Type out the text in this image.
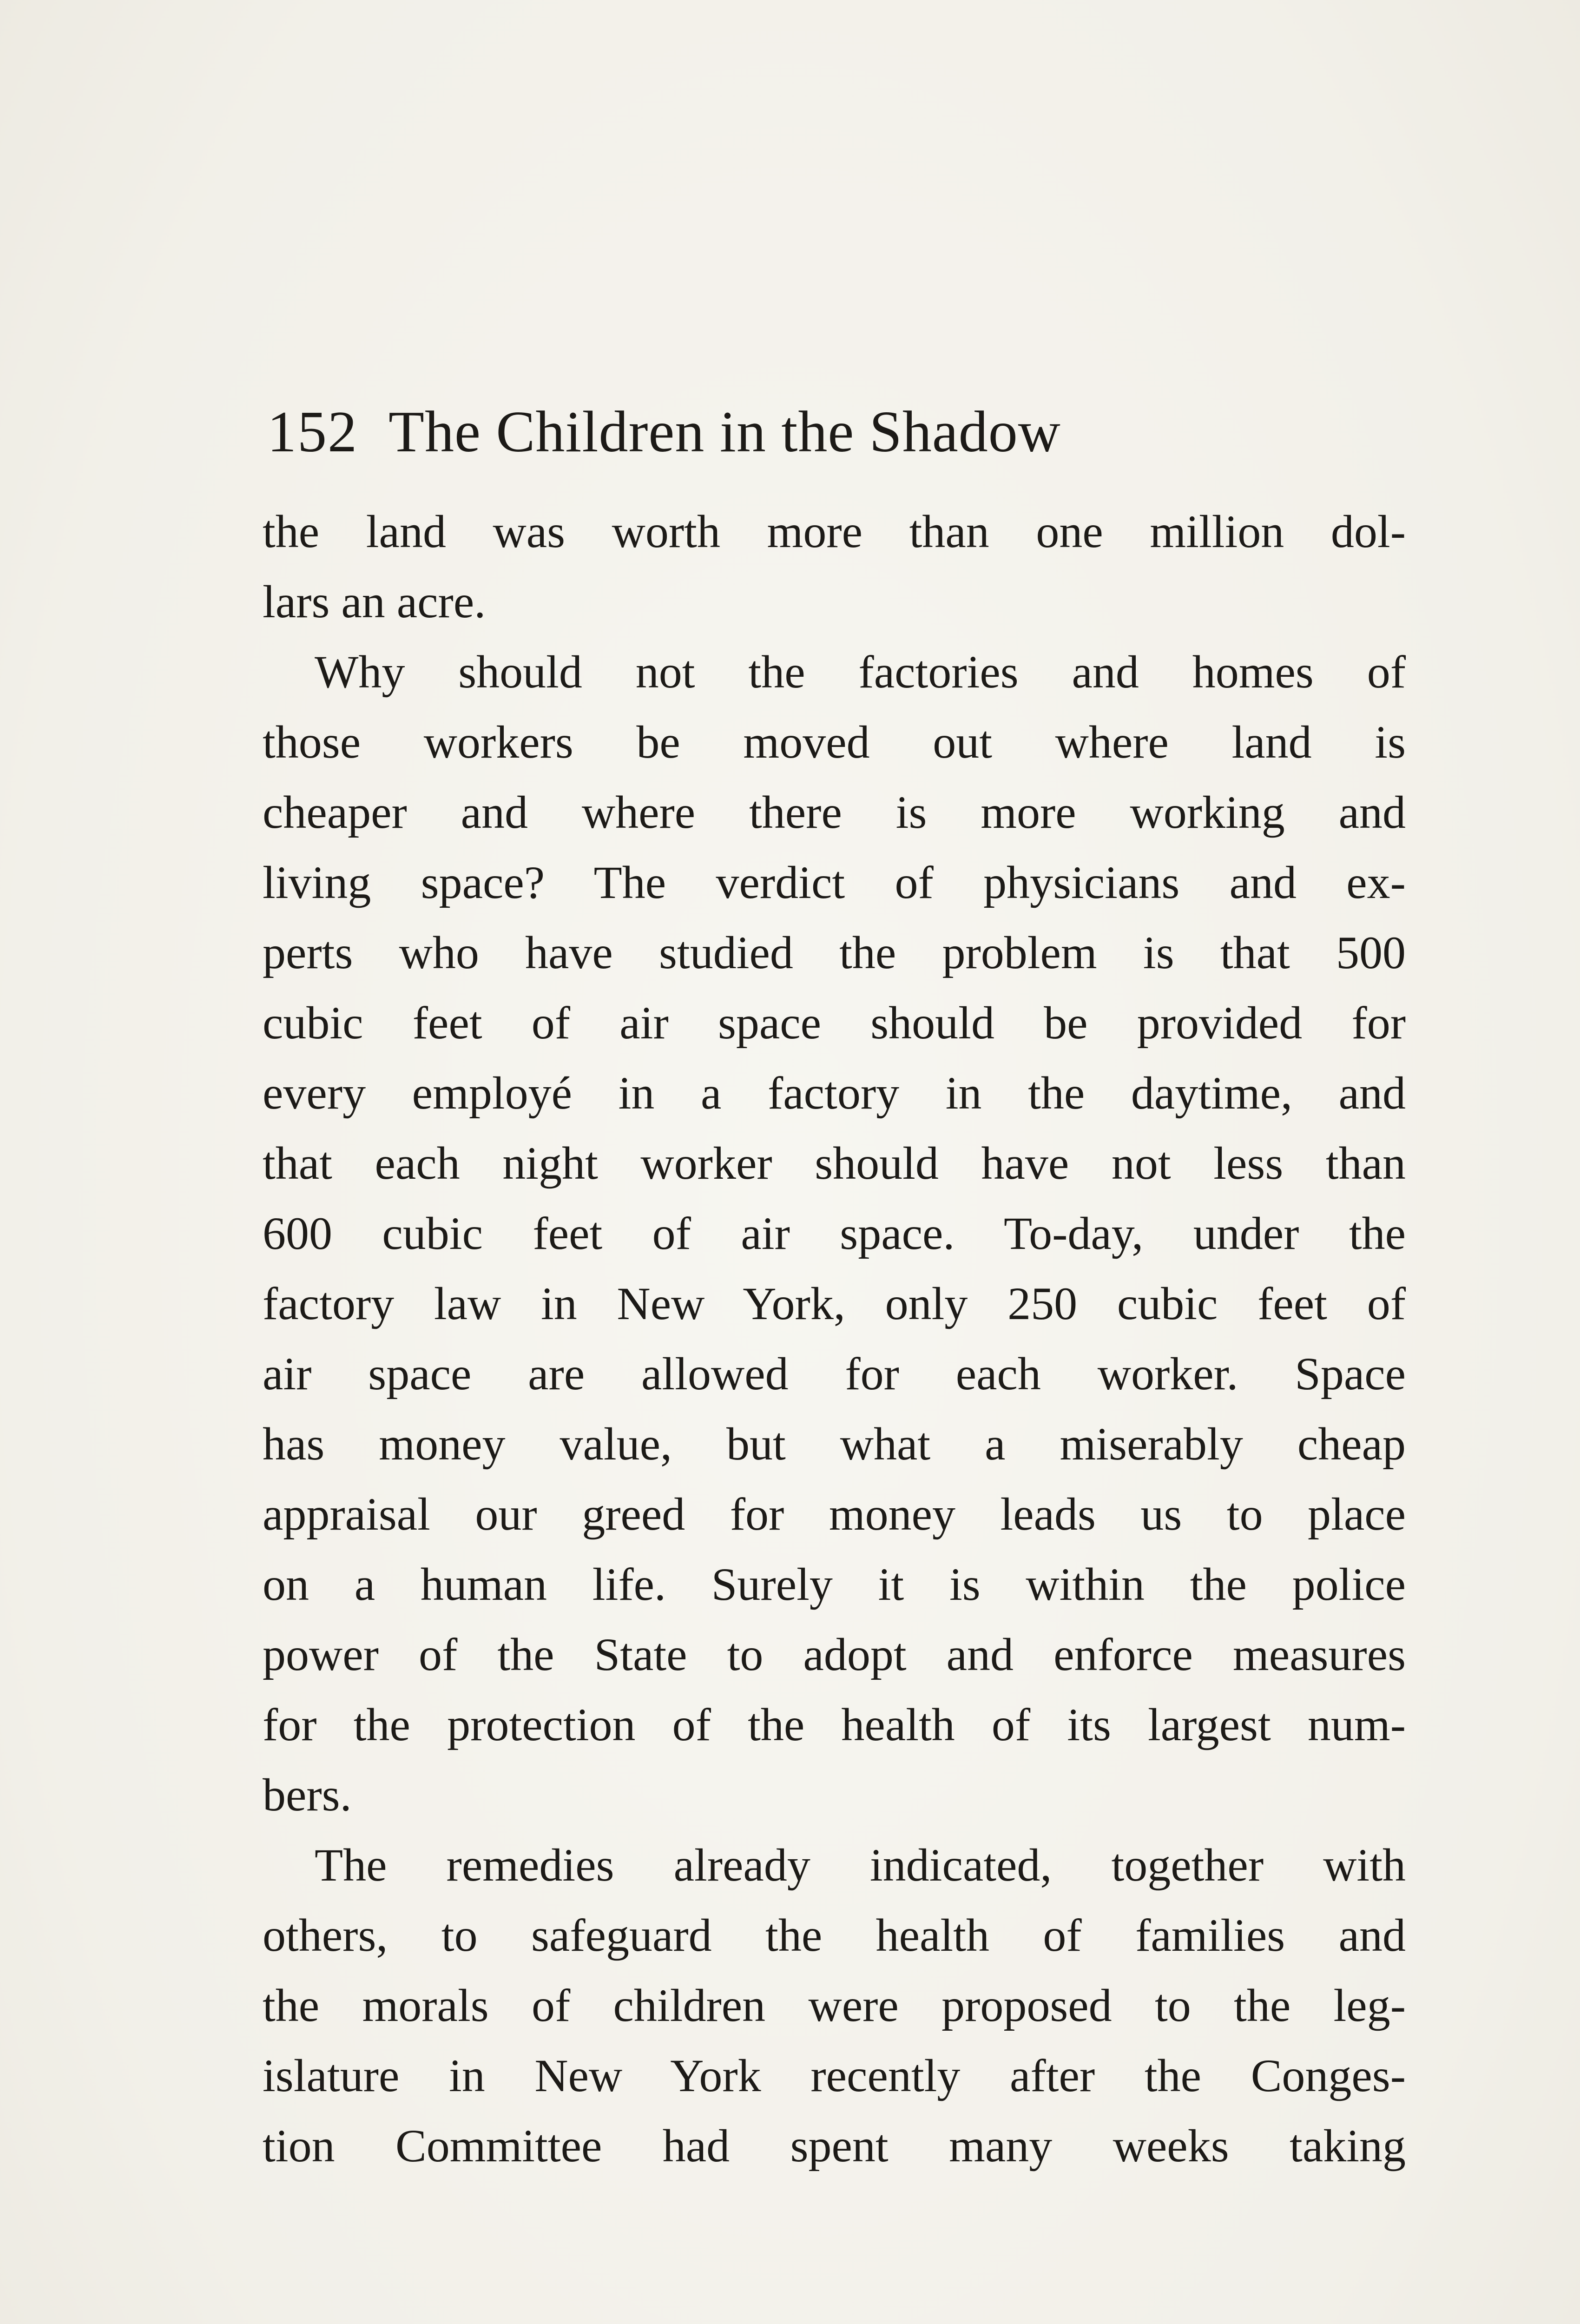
152 The Children in the Shadow
the land was worth more than one million dol-
lars an acre.
Why should not the factories and homes of
those workers be moved out where land is
cheaper and where there is more working and
living space? The verdict of physicians and ex-
perts who have studied the problem is that 500
cubic feet of air space should be provided for
every employé in a factory in the daytime, and
that each night worker should have not less than
600 cubic feet of air space. To-day, under the
factory law in New York, only 250 cubic feet of
air space are allowed for each worker. Space
has money value, but what a miserably cheap
appraisal our greed for money leads us to place
on a human life. Surely it is within the police
power of the State to adopt and enforce measures
for the protection of the health of its largest num-
bers.
The remedies already indicated, together with
others, to safeguard the health of families and
the morals of children were proposed to the leg-
islature in New York recently after the Conges-
tion Committee had spent many weeks taking
